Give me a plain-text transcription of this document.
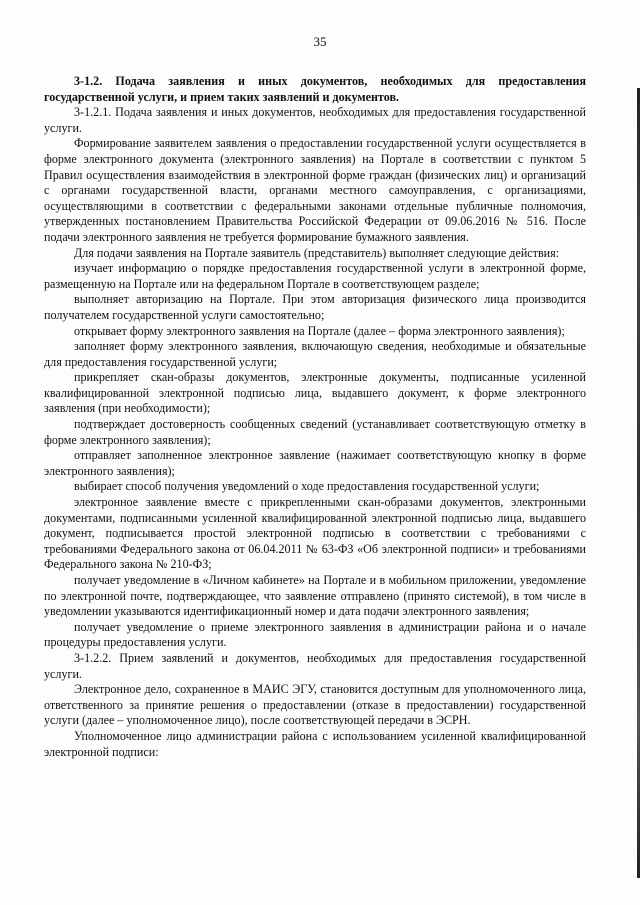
35

3-1.2. Подача заявления и иных документов, необходимых для предоставления государственной услуги, и прием таких заявлений и документов.

3-1.2.1. Подача заявления и иных документов, необходимых для предоставления государственной услуги.

Формирование заявителем заявления о предоставлении государственной услуги осуществляется в форме электронного документа (электронного заявления) на Портале в соответствии с пунктом 5 Правил осуществления взаимодействия в электронной форме граждан (физических лиц) и организаций с органами государственной власти, органами местного самоуправления, с организациями, осуществляющими в соответствии с федеральными законами отдельные публичные полномочия, утвержденных постановлением Правительства Российской Федерации от 09.06.2016 № 516. После подачи электронного заявления не требуется формирование бумажного заявления.

Для подачи заявления на Портале заявитель (представитель) выполняет следующие действия:

изучает информацию о порядке предоставления государственной услуги в электронной форме, размещенную на Портале или на федеральном Портале в соответствующем разделе;

выполняет авторизацию на Портале. При этом авторизация физического лица производится получателем государственной услуги самостоятельно;

открывает форму электронного заявления на Портале (далее – форма электронного заявления);

заполняет форму электронного заявления, включающую сведения, необходимые и обязательные для предоставления государственной услуги;

прикрепляет скан-образы документов, электронные документы, подписанные усиленной квалифицированной электронной подписью лица, выдавшего документ, к форме электронного заявления (при необходимости);

подтверждает достоверность сообщенных сведений (устанавливает соответствующую отметку в форме электронного заявления);

отправляет заполненное электронное заявление (нажимает соответствующую кнопку в форме электронного заявления);

выбирает способ получения уведомлений о ходе предоставления государственной услуги;

электронное заявление вместе с прикрепленными скан-образами документов, электронными документами, подписанными усиленной квалифицированной электронной подписью лица, выдавшего документ, подписывается простой электронной подписью в соответствии с требованиями с требованиями Федерального закона от 06.04.2011 № 63-ФЗ «Об электронной подписи» и требованиями Федерального закона № 210-ФЗ;

получает уведомление в «Личном кабинете» на Портале и в мобильном приложении, уведомление по электронной почте, подтверждающее, что заявление отправлено (принято системой), в том числе в уведомлении указываются идентификационный номер и дата подачи электронного заявления;

получает уведомление о приеме электронного заявления в администрации района и о начале процедуры предоставления услуги.

3-1.2.2. Прием заявлений и документов, необходимых для предоставления государственной услуги.

Электронное дело, сохраненное в МАИС ЭГУ, становится доступным для уполномоченного лица, ответственного за принятие решения о предоставлении (отказе в предоставлении) государственной услуги (далее – уполномоченное лицо), после соответствующей передачи в ЭСРН.

Уполномоченное лицо администрации района с использованием усиленной квалифицированной электронной подписи:
